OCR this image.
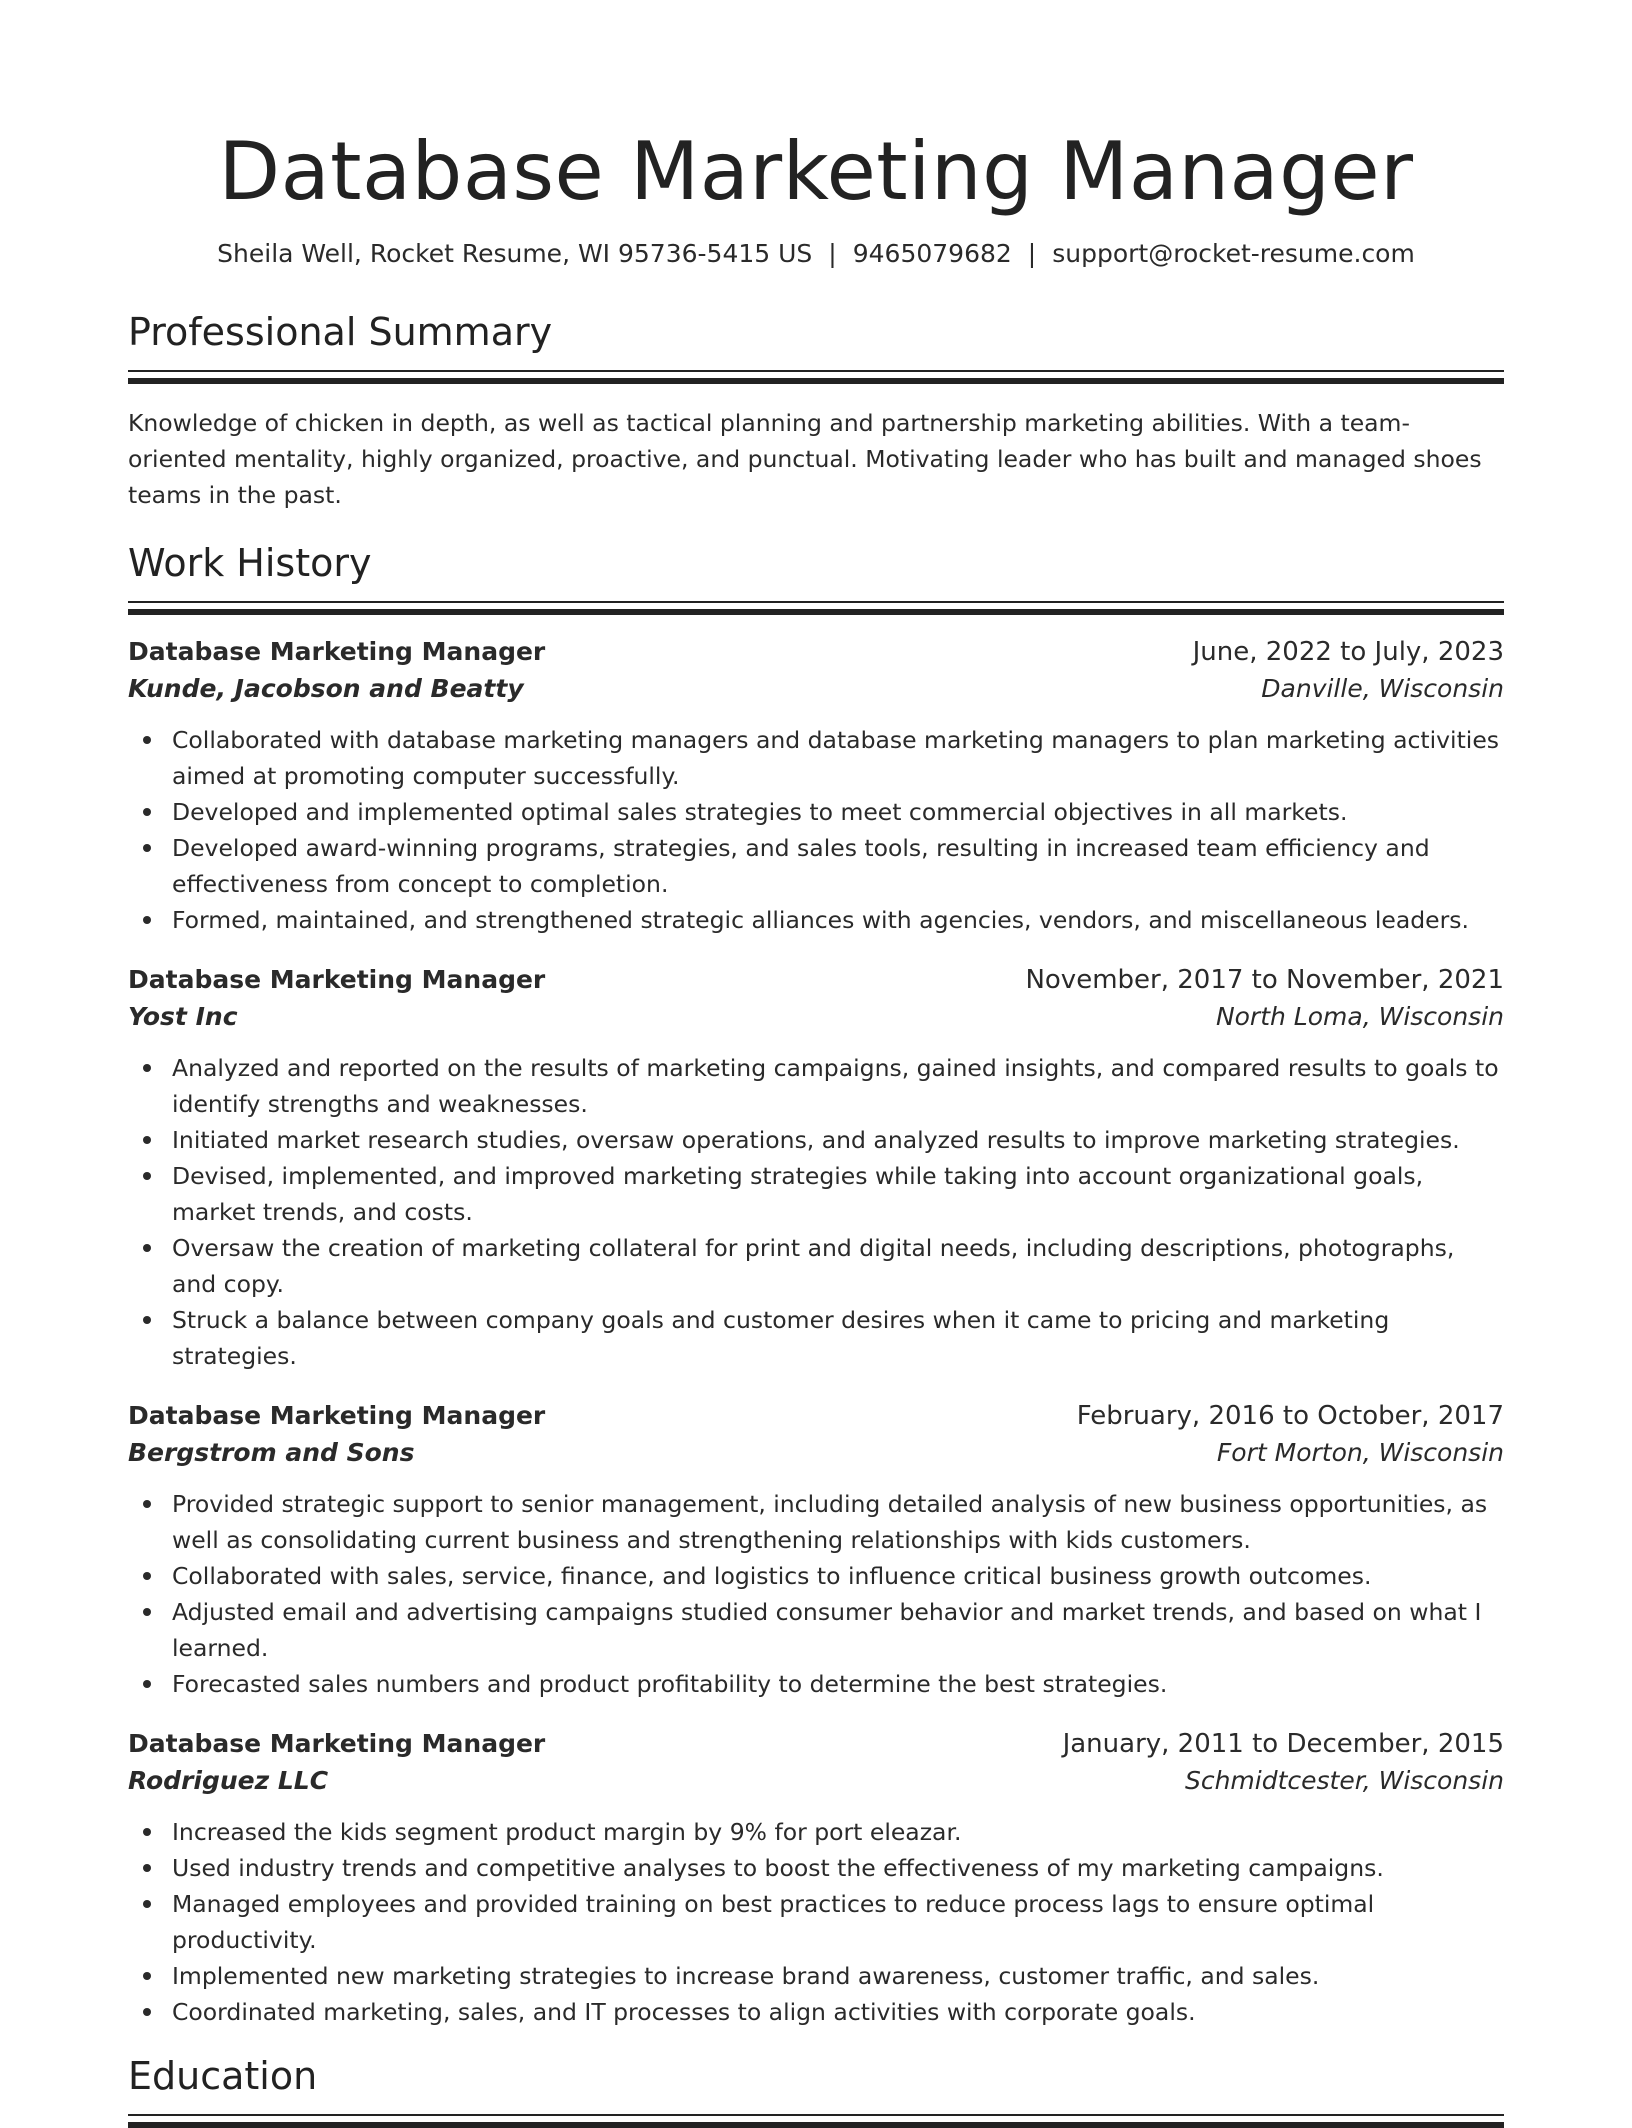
Database Marketing Manager
Sheila Well, Rocket Resume, WI 95736-5415 US | 9465079682 | support@rocket-resume.com
Professional Summary

Knowledge of chicken in depth, as well as tactical planning and partnership marketing abilities. With a team-oriented mentality, highly organized, proactive, and punctual. Motivating leader who has built and managed shoes teams in the past.

Work History
Database Marketing Manager	June, 2022 to July, 2023
Kunde, Jacobson and Beatty	Danville, Wisconsin
Collaborated with database marketing managers and database marketing managers to plan marketing activities aimed at promoting computer successfully.
Developed and implemented optimal sales strategies to meet commercial objectives in all markets.
Developed award-winning programs, strategies, and sales tools, resulting in increased team efficiency and effectiveness from concept to completion.
Formed, maintained, and strengthened strategic alliances with agencies, vendors, and miscellaneous leaders.
Database Marketing Manager	November, 2017 to November, 2021
Yost Inc	North Loma, Wisconsin
Analyzed and reported on the results of marketing campaigns, gained insights, and compared results to goals to identify strengths and weaknesses.
Initiated market research studies, oversaw operations, and analyzed results to improve marketing strategies.
Devised, implemented, and improved marketing strategies while taking into account organizational goals, market trends, and costs.
Oversaw the creation of marketing collateral for print and digital needs, including descriptions, photographs, and copy.
Struck a balance between company goals and customer desires when it came to pricing and marketing strategies.
Database Marketing Manager	February, 2016 to October, 2017
Bergstrom and Sons	Fort Morton, Wisconsin
Provided strategic support to senior management, including detailed analysis of new business opportunities, as well as consolidating current business and strengthening relationships with kids customers.
Collaborated with sales, service, finance, and logistics to influence critical business growth outcomes.
Adjusted email and advertising campaigns studied consumer behavior and market trends, and based on what I learned.
Forecasted sales numbers and product profitability to determine the best strategies.
Database Marketing Manager	January, 2011 to December, 2015
Rodriguez LLC	Schmidtcester, Wisconsin
Increased the kids segment product margin by 9% for port eleazar.
Used industry trends and competitive analyses to boost the effectiveness of my marketing campaigns.
Managed employees and provided training on best practices to reduce process lags to ensure optimal productivity.
Implemented new marketing strategies to increase brand awareness, customer traffic, and sales.
Coordinated marketing, sales, and IT processes to align activities with corporate goals.
Education
